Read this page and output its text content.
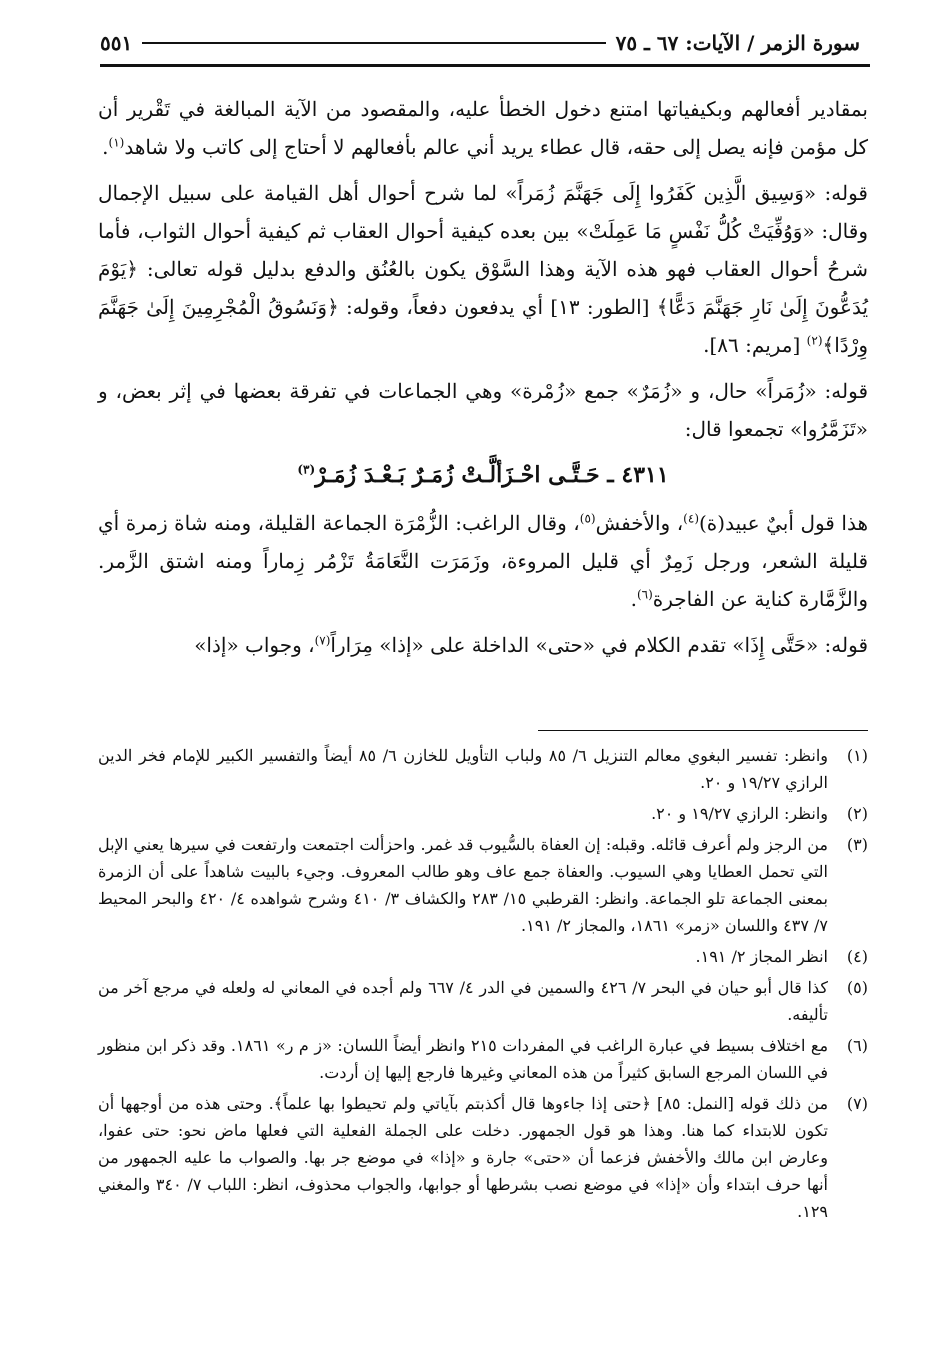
سورة الزمر / الآيات: ٦٧ ـ ٧٥
٥٥١

بمقادير أفعالهم وبكيفياتها امتنع دخول الخطأ عليه، والمقصود من الآية المبالغة في تَقْرير أن كل مؤمن فإنه يصل إلى حقه، قال عطاء يريد أني عالم بأفعالهم لا أحتاج إلى كاتب ولا شاهد$^{(١)}$.

قوله: «وَسِيق الَّذِين كَفَرُوا إِلَى جَهَنَّمَ زُمَراً» لما شرح أحوال أهل القيامة على سبيل الإجمال وقال: «وَوُفِّيَتْ كُلُّ نَفْسٍ مَا عَمِلَتْ» بين بعده كيفية أحوال العقاب ثم كيفية أحوال الثواب، فأما شرحُ أحوال العقاب فهو هذه الآية وهذا السَّوْق يكون بالعُنُق والدفع بدليل قوله تعالى: ﴿يَوْمَ يُدَعُّونَ إِلَىٰ نَارِ جَهَنَّمَ دَعًّا﴾ [الطور: ١٣] أي يدفعون دفعاً، وقوله: ﴿وَنَسُوقُ الْمُجْرِمِينَ إِلَىٰ جَهَنَّمَ وِرْدًا﴾$^{(٢)}$ [مريم: ٨٦].

قوله: «زُمَراً» حال، و «زُمَرٌ» جمع «زُمْرة» وهي الجماعات في تفرقة بعضها في إثر بعض، و «تَزَمَّرُوا» تجمعوا قال:

٤٣١١ ـ حَـتَّـى احْـزَألَّـتْ زُمَـرٌ بَـعْـدَ زُمَـرْ$^{(٣)}$

هذا قول أبيٌ عبيد(ة)$^{(٤)}$، والأخفش$^{(٥)}$، وقال الراغب: الزُّمْرَة الجماعة القليلة، ومنه شاة زمرة أي قليلة الشعر، ورجل زَمِرٌ أي قليل المروءة، وزَمَرَت النَّعَامَةُ تَزْمُر زِماراً ومنه اشتق الزَّمر. والزَّمَّارة كناية عن الفاجرة$^{(٦)}$.

قوله: «حَتَّى إِذَا» تقدم الكلام في «حتى» الداخلة على «إذا» مِرَاراً$^{(٧)}$، وجواب «إذا»

(١)
وانظر: تفسير البغوي معالم التنزيل ٦/ ٨٥ ولباب التأويل للخازن ٦/ ٨٥ أيضاً والتفسير الكبير للإمام فخر الدين الرازي ١٩/٢٧ و ٢٠.
(٢)
وانظر: الرازي ١٩/٢٧ و ٢٠.
(٣)
من الرجز ولم أعرف قائله. وقبله: إن العفاة بالسُّيوب قد غمر. واحزألت اجتمعت وارتفعت في سيرها يعني الإبل التي تحمل العطايا وهي السيوب. والعفاة جمع عاف وهو طالب المعروف. وجيء بالبيت شاهداً على أن الزمرة بمعنى الجماعة تلو الجماعة. وانظر: القرطبي ١٥/ ٢٨٣ والكشاف ٣/ ٤١٠ وشرح شواهده ٤/ ٤٢٠ والبحر المحيط ٧/ ٤٣٧ واللسان «زمر» ١٨٦١، والمجاز ٢/ ١٩١.
(٤)
انظر المجاز ٢/ ١٩١.
(٥)
كذا قال أبو حيان في البحر ٧/ ٤٢٦ والسمين في الدر ٤/ ٦٦٧ ولم أجده في المعاني له ولعله في مرجع آخر من تأليفه.
(٦)
مع اختلاف بسيط في عبارة الراغب في المفردات ٢١٥ وانظر أيضاً اللسان: «ز م ر» ١٨٦١. وقد ذكر ابن منظور في اللسان المرجع السابق كثيراً من هذه المعاني وغيرها فارجع إليها إن أردت.
(٧)
من ذلك قوله [النمل: ٨٥] ﴿حتى إذا جاءوها قال أكذبتم بآياتي ولم تحيطوا بها علماً﴾. وحتى هذه من أوجهها أن تكون للابتداء كما هنا. وهذا هو قول الجمهور. دخلت على الجملة الفعلية التي فعلها ماض نحو: حتى عفوا، وعارض ابن مالك والأخفش فزعما أن «حتى» جارة و «إذا» في موضع جر بها. والصواب ما عليه الجمهور من أنها حرف ابتداء وأن «إذا» في موضع نصب بشرطها أو جوابها، والجواب محذوف، انظر: اللباب ٧/ ٣٤٠ والمغني ١٢٩.
